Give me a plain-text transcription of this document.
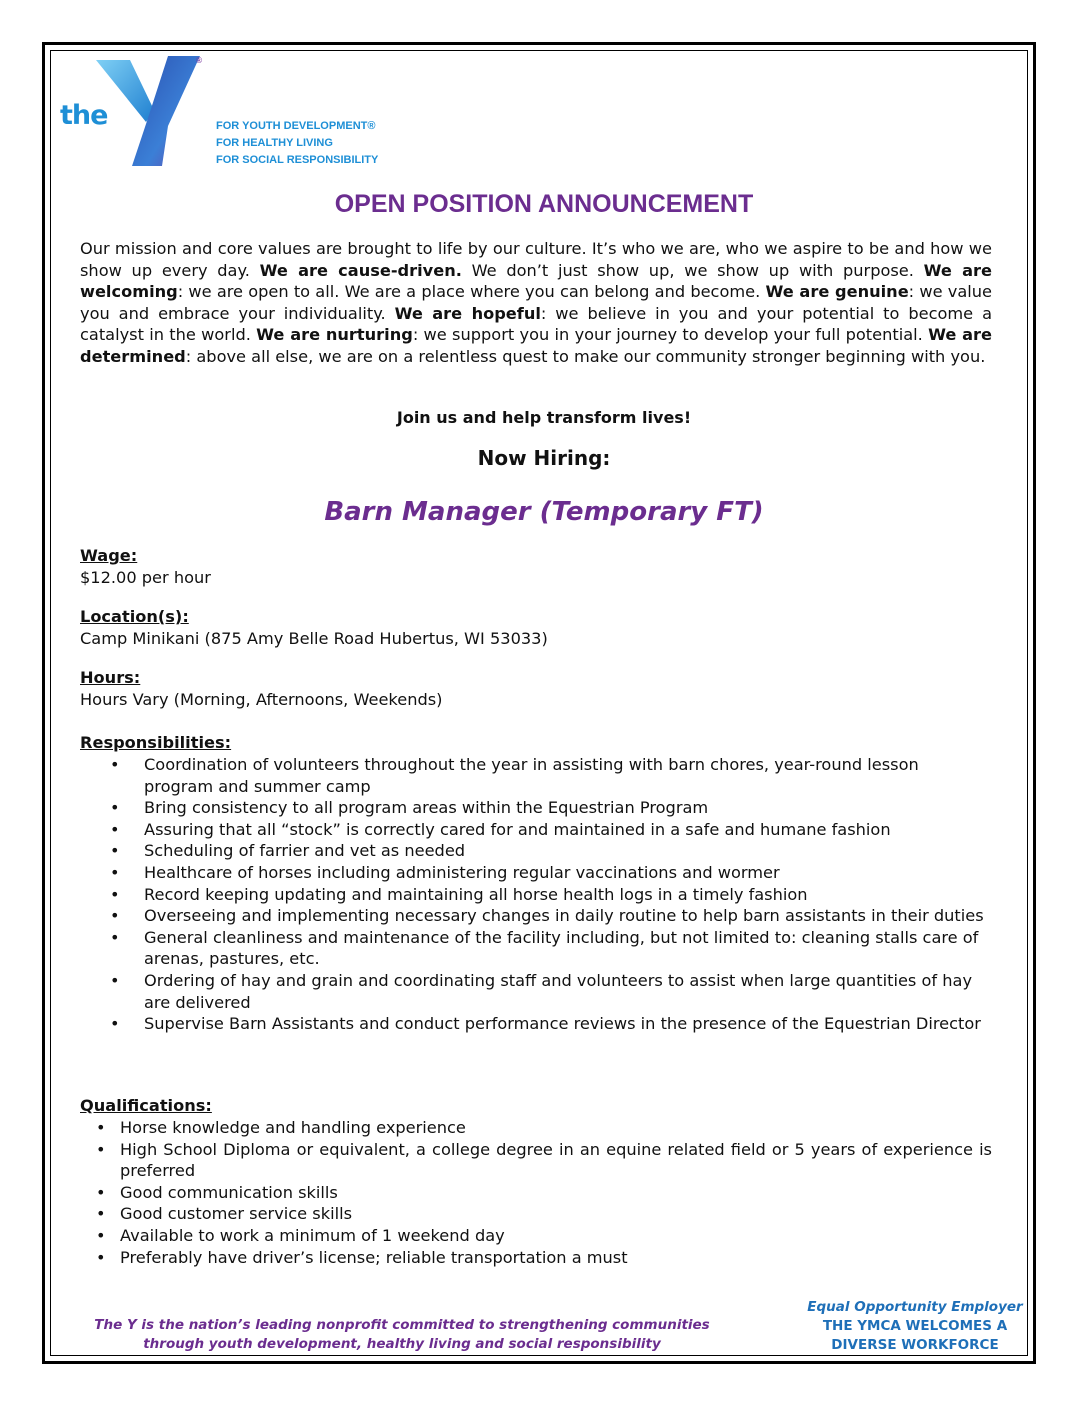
the
YMCA
®
FOR YOUTH DEVELOPMENT®
FOR HEALTHY LIVING
FOR SOCIAL RESPONSIBILITY
OPEN POSITION ANNOUNCEMENT
Our mission and core values are brought to life by our culture. It’s who we are, who we aspire to be and how we show up every day. We are cause-driven. We don’t just show up, we show up with purpose. We are welcoming: we are open to all. We are a place where you can belong and become. We are genuine: we value you and embrace your individuality. We are hopeful: we believe in you and your potential to become a catalyst in the world. We are nurturing: we support you in your journey to develop your full potential. We are determined: above all else, we are on a relentless quest to make our community stronger beginning with you.
Join us and help transform lives!
Now Hiring:
Barn Manager (Temporary FT)
Wage:
$12.00 per hour
Location(s):
Camp Minikani (875 Amy Belle Road Hubertus, WI 53033)
Hours:
Hours Vary (Morning, Afternoons, Weekends)
Responsibilities:
• Coordination of volunteers throughout the year in assisting with barn chores, year-round lesson program and summer camp
• Bring consistency to all program areas within the Equestrian Program
• Assuring that all “stock” is correctly cared for and maintained in a safe and humane fashion
• Scheduling of farrier and vet as needed
• Healthcare of horses including administering regular vaccinations and wormer
• Record keeping updating and maintaining all horse health logs in a timely fashion
• Overseeing and implementing necessary changes in daily routine to help barn assistants in their duties
• General cleanliness and maintenance of the facility including, but not limited to: cleaning stalls care of arenas, pastures, etc.
• Ordering of hay and grain and coordinating staff and volunteers to assist when large quantities of hay are delivered
• Supervise Barn Assistants and conduct performance reviews in the presence of the Equestrian Director
Qualifications:
• Horse knowledge and handling experience
• High School Diploma or equivalent, a college degree in an equine related field or 5 years of experience is preferred
• Good communication skills
• Good customer service skills
• Available to work a minimum of 1 weekend day
• Preferably have driver’s license; reliable transportation a must
The Y is the nation’s leading nonprofit committed to strengthening communities
through youth development, healthy living and social responsibility
Equal Opportunity Employer
THE YMCA WELCOMES A
DIVERSE WORKFORCE
